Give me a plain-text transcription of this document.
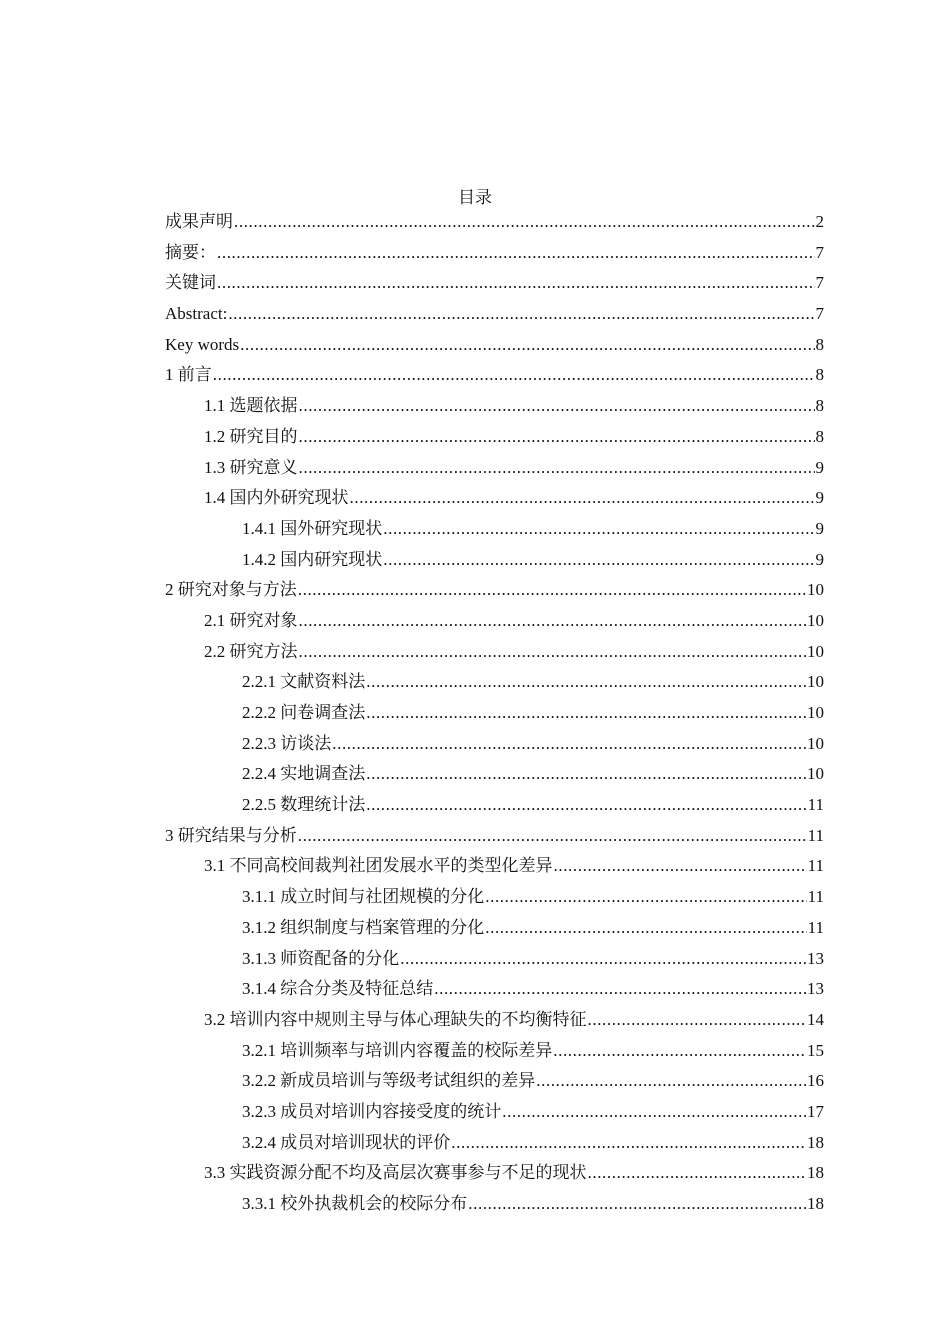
目录
成果声明 .....	2
摘要： .....	7
关键词 .....	7
Abstract: .....	7
Key words .....	8
1 前言 .....	8
1.1 选题依据 .....	8
1.2 研究目的 .....	8
1.3 研究意义 .....	9
1.4 国内外研究现状 .....	9
1.4.1 国外研究现状 .....	9
1.4.2 国内研究现状 .....	9
2 研究对象与方法 .....	10
2.1 研究对象 .....	10
2.2 研究方法 .....	10
2.2.1 文献资料法 .....	10
2.2.2 问卷调查法 .....	10
2.2.3 访谈法 .....	10
2.2.4 实地调查法 .....	10
2.2.5 数理统计法 .....	11
3 研究结果与分析 .....	11
3.1 不同高校间裁判社团发展水平的类型化差异 .....	11
3.1.1 成立时间与社团规模的分化 .....	11
3.1.2 组织制度与档案管理的分化 .....	11
3.1.3 师资配备的分化 .....	13
3.1.4 综合分类及特征总结 .....	13
3.2 培训内容中规则主导与体心理缺失的不均衡特征 .....	14
3.2.1 培训频率与培训内容覆盖的校际差异 .....	15
3.2.2 新成员培训与等级考试组织的差异 .....	16
3.2.3 成员对培训内容接受度的统计 .....	17
3.2.4 成员对培训现状的评价 .....	18
3.3 实践资源分配不均及高层次赛事参与不足的现状 .....	18
3.3.1 校外执裁机会的校际分布 .....	18
